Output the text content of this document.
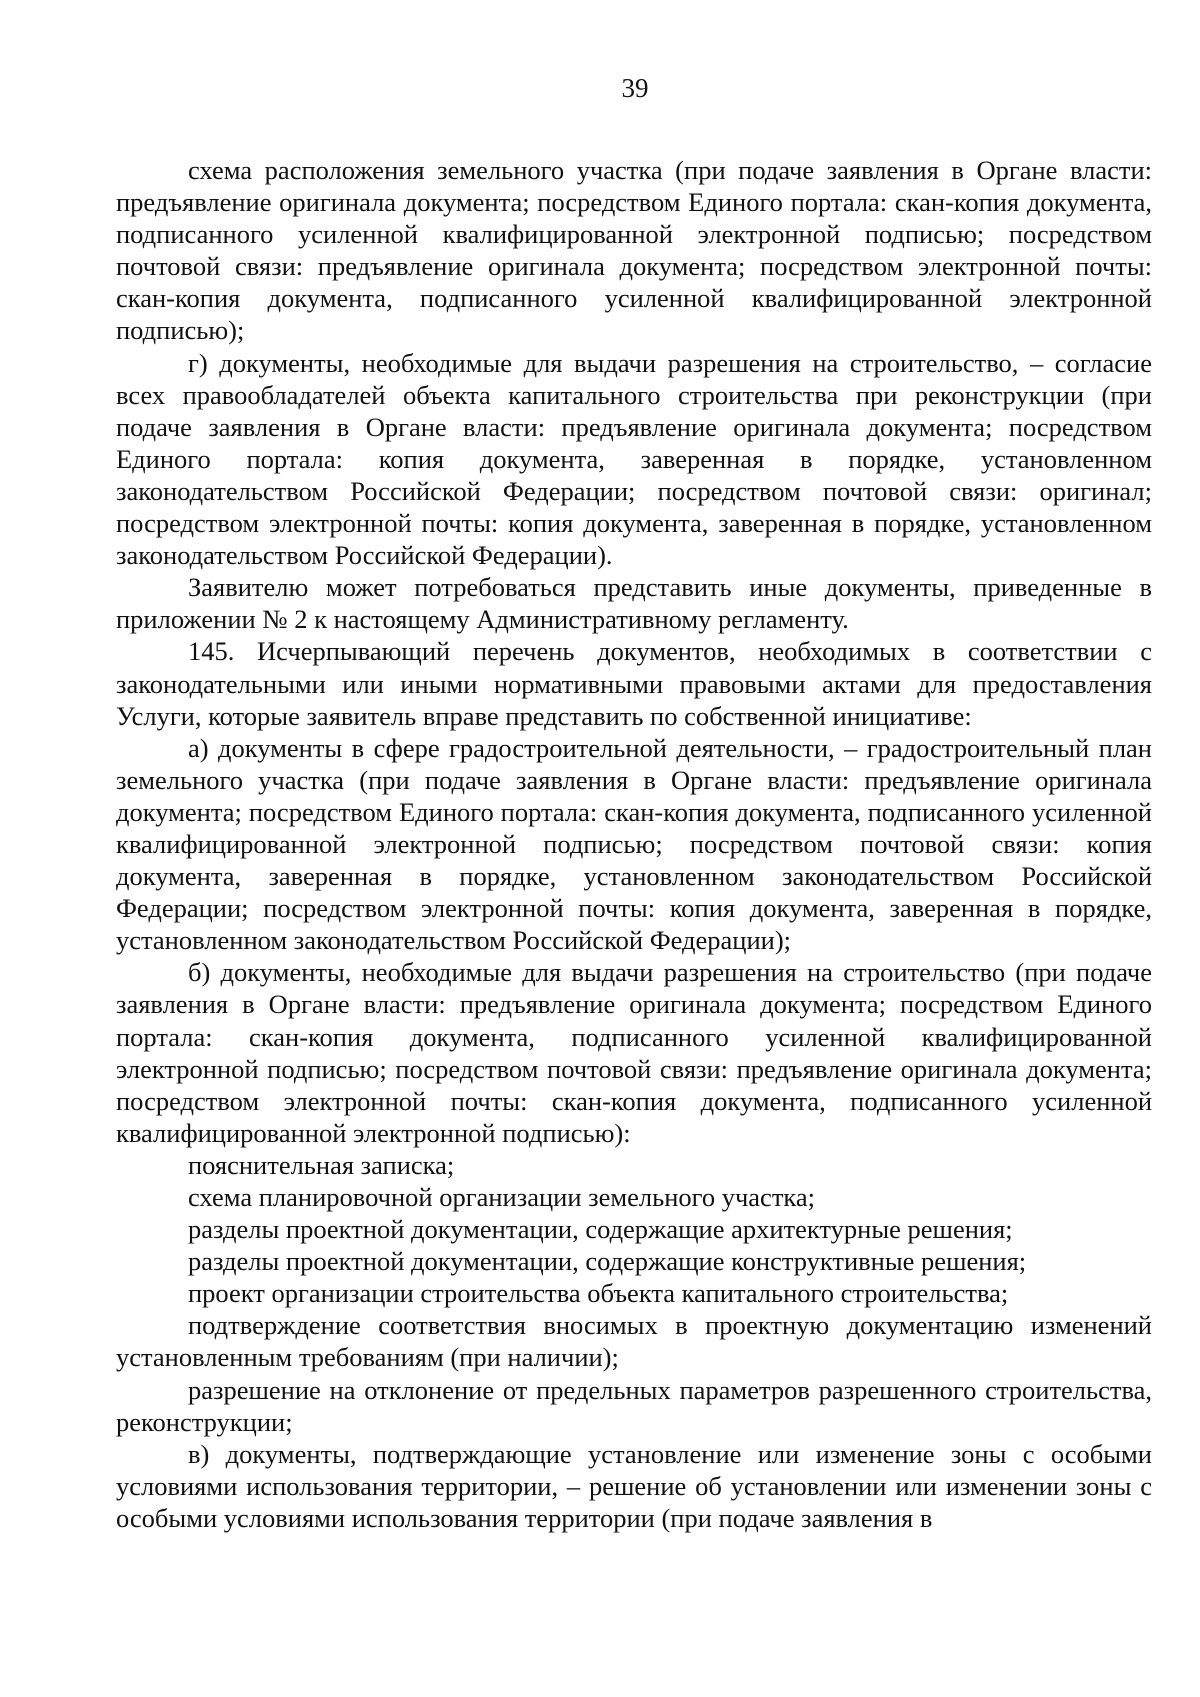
39

схема расположения земельного участка (при подаче заявления в Органе власти: предъявление оригинала документа; посредством Единого портала: скан-копия документа, подписанного усиленной квалифицированной электронной подписью; посредством почтовой связи: предъявление оригинала документа; посредством электронной почты: скан-копия документа, подписанного усиленной квалифицированной электронной подписью);

г) документы, необходимые для выдачи разрешения на строительство, – согласие всех правообладателей объекта капитального строительства при реконструкции (при подаче заявления в Органе власти: предъявление оригинала документа; посредством Единого портала: копия документа, заверенная в порядке, установленном законодательством Российской Федерации; посредством почтовой связи: оригинал; посредством электронной почты: копия документа, заверенная в порядке, установленном законодательством Российской Федерации).

Заявителю может потребоваться представить иные документы, приведенные в приложении № 2 к настоящему Административному регламенту.

145. Исчерпывающий перечень документов, необходимых в соответствии с законодательными или иными нормативными правовыми актами для предоставления Услуги, которые заявитель вправе представить по собственной инициативе:

а) документы в сфере градостроительной деятельности, – градостроительный план земельного участка (при подаче заявления в Органе власти: предъявление оригинала документа; посредством Единого портала: скан-копия документа, подписанного усиленной квалифицированной электронной подписью; посредством почтовой связи: копия документа, заверенная в порядке, установленном законодательством Российской Федерации; посредством электронной почты: копия документа, заверенная в порядке, установленном законодательством Российской Федерации);

б) документы, необходимые для выдачи разрешения на строительство (при подаче заявления в Органе власти: предъявление оригинала документа; посредством Единого портала: скан-копия документа, подписанного усиленной квалифицированной электронной подписью; посредством почтовой связи: предъявление оригинала документа; посредством электронной почты: скан-копия документа, подписанного усиленной квалифицированной электронной подписью):

пояснительная записка;

схема планировочной организации земельного участка;

разделы проектной документации, содержащие архитектурные решения;

разделы проектной документации, содержащие конструктивные решения;

проект организации строительства объекта капитального строительства;

подтверждение соответствия вносимых в проектную документацию изменений установленным требованиям (при наличии);

разрешение на отклонение от предельных параметров разрешенного строительства, реконструкции;

в) документы, подтверждающие установление или изменение зоны с особыми условиями использования территории, – решение об установлении или изменении зоны с особыми условиями использования территории (при подаче заявления в
